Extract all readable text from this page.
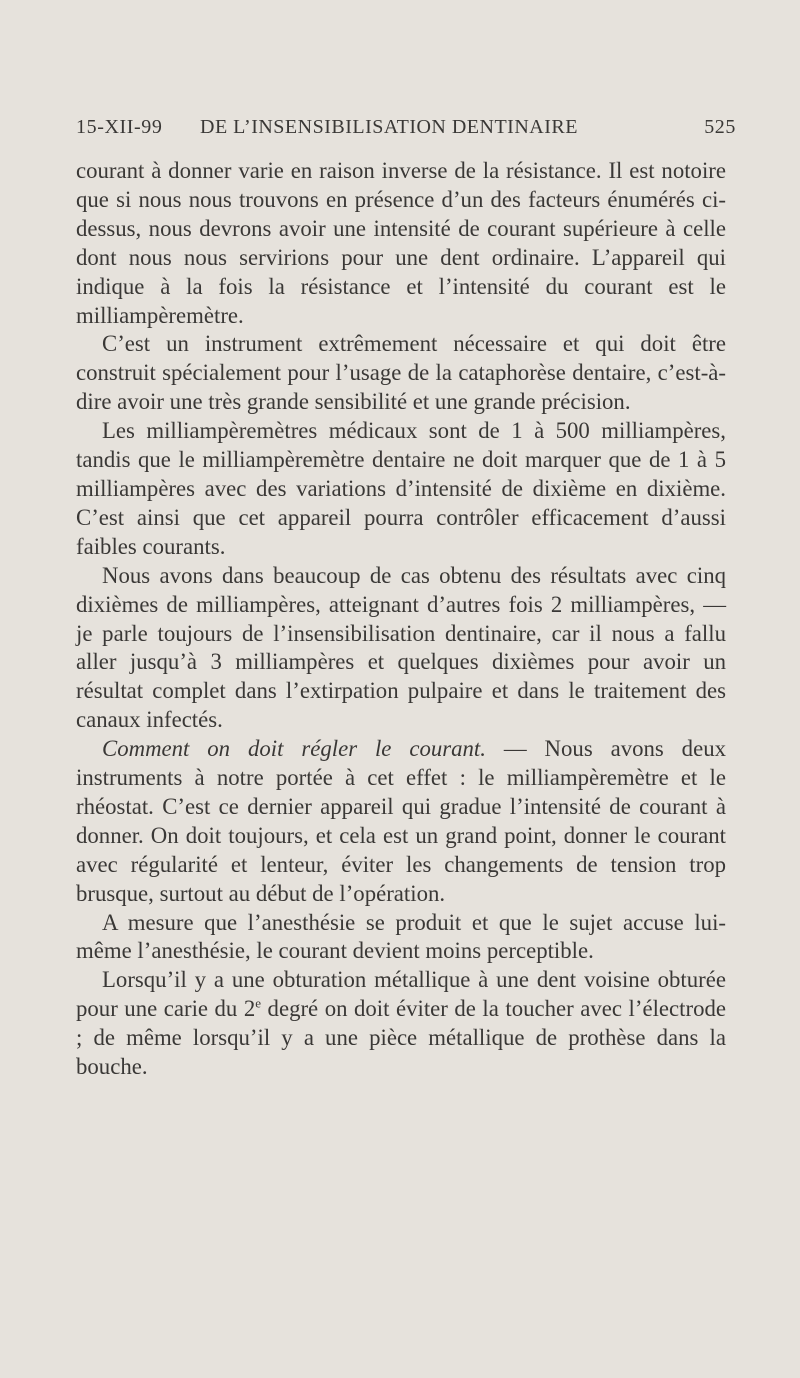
15-XII-99 DE L’INSENSIBILISATION DENTINAIRE	525

courant à donner varie en raison inverse de la résistance. Il est notoire que si nous nous trouvons en présence d’un des facteurs énumérés ci-dessus, nous devrons avoir une intensité de courant supérieure à celle dont nous nous servirions pour une dent ordinaire. L’appareil qui indique à la fois la résistance et l’intensité du courant est le milliampèremètre.

C’est un instrument extrêmement nécessaire et qui doit être construit spécialement pour l’usage de la cataphorèse dentaire, c’est-à-dire avoir une très grande sensibilité et une grande précision.

Les milliampèremètres médicaux sont de 1 à 500 milliampères, tandis que le milliampèremètre dentaire ne doit marquer que de 1 à 5 milliampères avec des variations d’intensité de dixième en dixième. C’est ainsi que cet appareil pourra contrôler efficacement d’aussi faibles courants.

Nous avons dans beaucoup de cas obtenu des résultats avec cinq dixièmes de milliampères, atteignant d’autres fois 2 milliampères, — je parle toujours de l’insensibilisation dentinaire, car il nous a fallu aller jusqu’à 3 milliampères et quelques dixièmes pour avoir un résultat complet dans l’extirpation pulpaire et dans le traitement des canaux infectés.

Comment on doit régler le courant. — Nous avons deux instruments à notre portée à cet effet : le milliampèremètre et le rhéostat. C’est ce dernier appareil qui gradue l’intensité de courant à donner. On doit toujours, et cela est un grand point, donner le courant avec régularité et lenteur, éviter les changements de tension trop brusque, surtout au début de l’opération.

A mesure que l’anesthésie se produit et que le sujet accuse lui-même l’anesthésie, le courant devient moins perceptible.

Lorsqu’il y a une obturation métallique à une dent voisine obturée pour une carie du 2e degré on doit éviter de la toucher avec l’électrode ; de même lorsqu’il y a une pièce métallique de prothèse dans la bouche.
